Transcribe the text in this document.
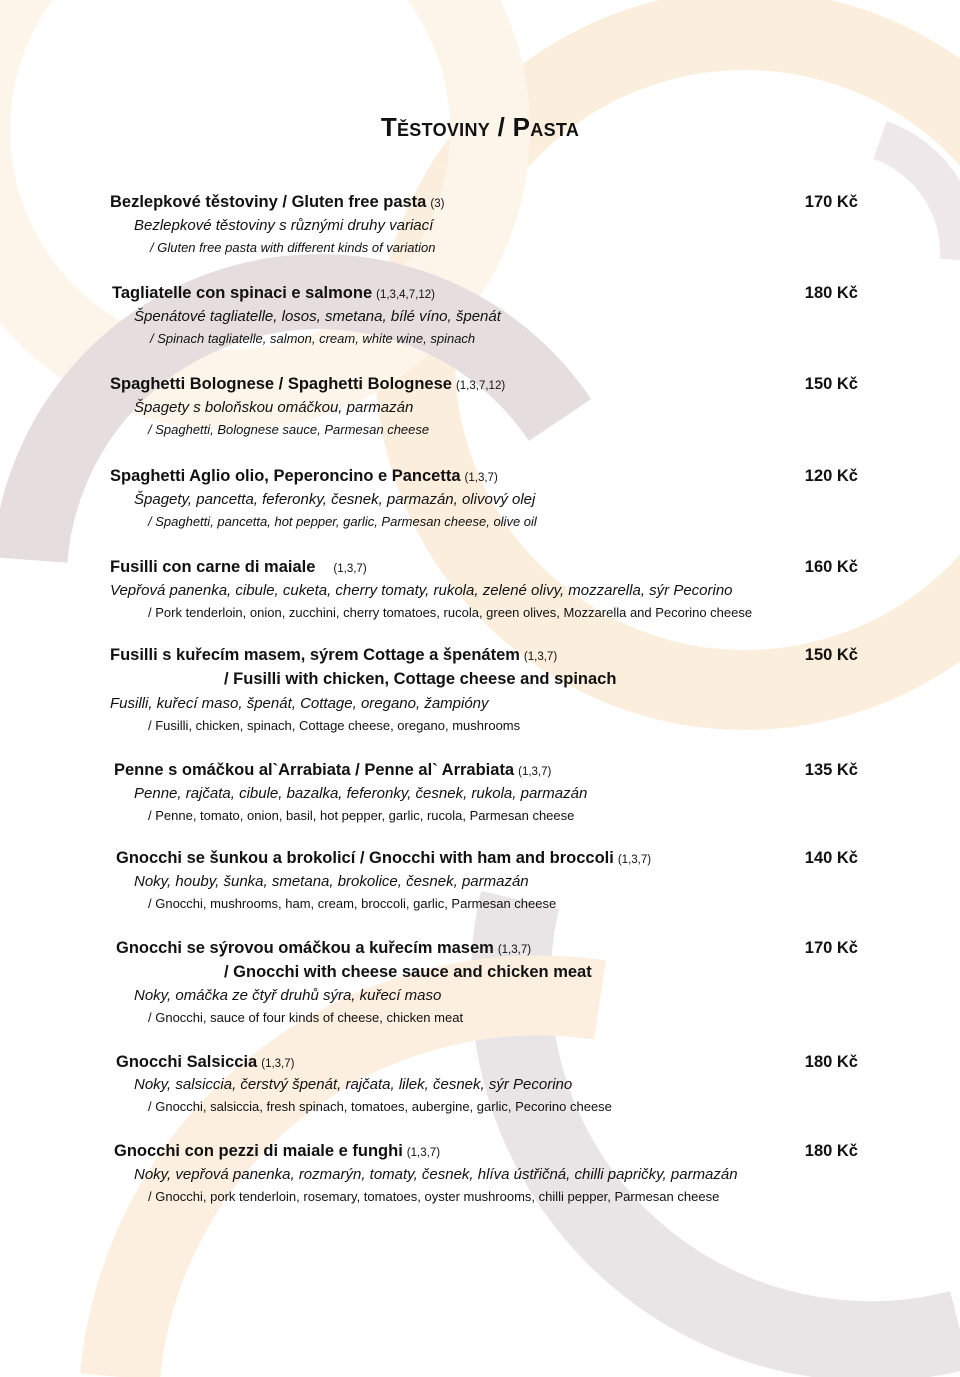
Těstoviny / Pasta
Bezlepkové těstoviny / Gluten free pasta (3)	170 Kč
Bezlepkové těstoviny s různými druhy variací
/ Gluten free pasta with different kinds of variation
Tagliatelle con spinaci e salmone (1,3,4,7,12)	180 Kč
Špenátové tagliatelle, losos, smetana, bílé víno, špenát
/ Spinach tagliatelle, salmon, cream, white wine, spinach
Spaghetti Bolognese / Spaghetti Bolognese (1,3,7,12)	150 Kč
Špagety s boloňskou omáčkou, parmazán
/ Spaghetti, Bolognese sauce, Parmesan cheese
Spaghetti Aglio olio, Peperoncino e Pancetta (1,3,7)	120 Kč
Špagety, pancetta, feferonky, česnek, parmazán, olivový olej
/ Spaghetti, pancetta, hot pepper, garlic, Parmesan cheese, olive oil
Fusilli con carne di maiale (1,3,7)	160 Kč
Vepřová panenka, cibule, cuketa, cherry tomaty, rukola, zelené olivy, mozzarella, sýr Pecorino
/ Pork tenderloin, onion, zucchini, cherry tomatoes, rucola, green olives, Mozzarella and Pecorino cheese
Fusilli s kuřecím masem, sýrem Cottage a špenátem (1,3,7)	150 Kč
/ Fusilli with chicken, Cottage cheese and spinach
Fusilli, kuřecí maso, špenát, Cottage, oregano, žampióny
/ Fusilli, chicken, spinach, Cottage cheese, oregano, mushrooms
Penne s omáčkou al`Arrabiata / Penne al` Arrabiata (1,3,7)	135 Kč
Penne, rajčata, cibule, bazalka, feferonky, česnek, rukola, parmazán
/ Penne, tomato, onion, basil, hot pepper, garlic, rucola, Parmesan cheese
Gnocchi se šunkou a brokolicí / Gnocchi with ham and broccoli (1,3,7)	140 Kč
Noky, houby, šunka, smetana, brokolice, česnek, parmazán
/ Gnocchi, mushrooms, ham, cream, broccoli, garlic, Parmesan cheese
Gnocchi se sýrovou omáčkou a kuřecím masem (1,3,7)	170 Kč
/ Gnocchi with cheese sauce and chicken meat
Noky, omáčka ze čtyř druhů sýra, kuřecí maso
/ Gnocchi, sauce of four kinds of cheese, chicken meat
Gnocchi Salsiccia (1,3,7)	180 Kč
Noky, salsiccia, čerstvý špenát, rajčata, lilek, česnek, sýr Pecorino
/ Gnocchi, salsiccia, fresh spinach, tomatoes, aubergine, garlic, Pecorino cheese
Gnocchi con pezzi di maiale e funghi (1,3,7)	180 Kč
Noky, vepřová panenka, rozmarýn, tomaty, česnek, hlíva ústřičná, chilli papričky, parmazán
/ Gnocchi, pork tenderloin, rosemary, tomatoes, oyster mushrooms, chilli pepper, Parmesan cheese
